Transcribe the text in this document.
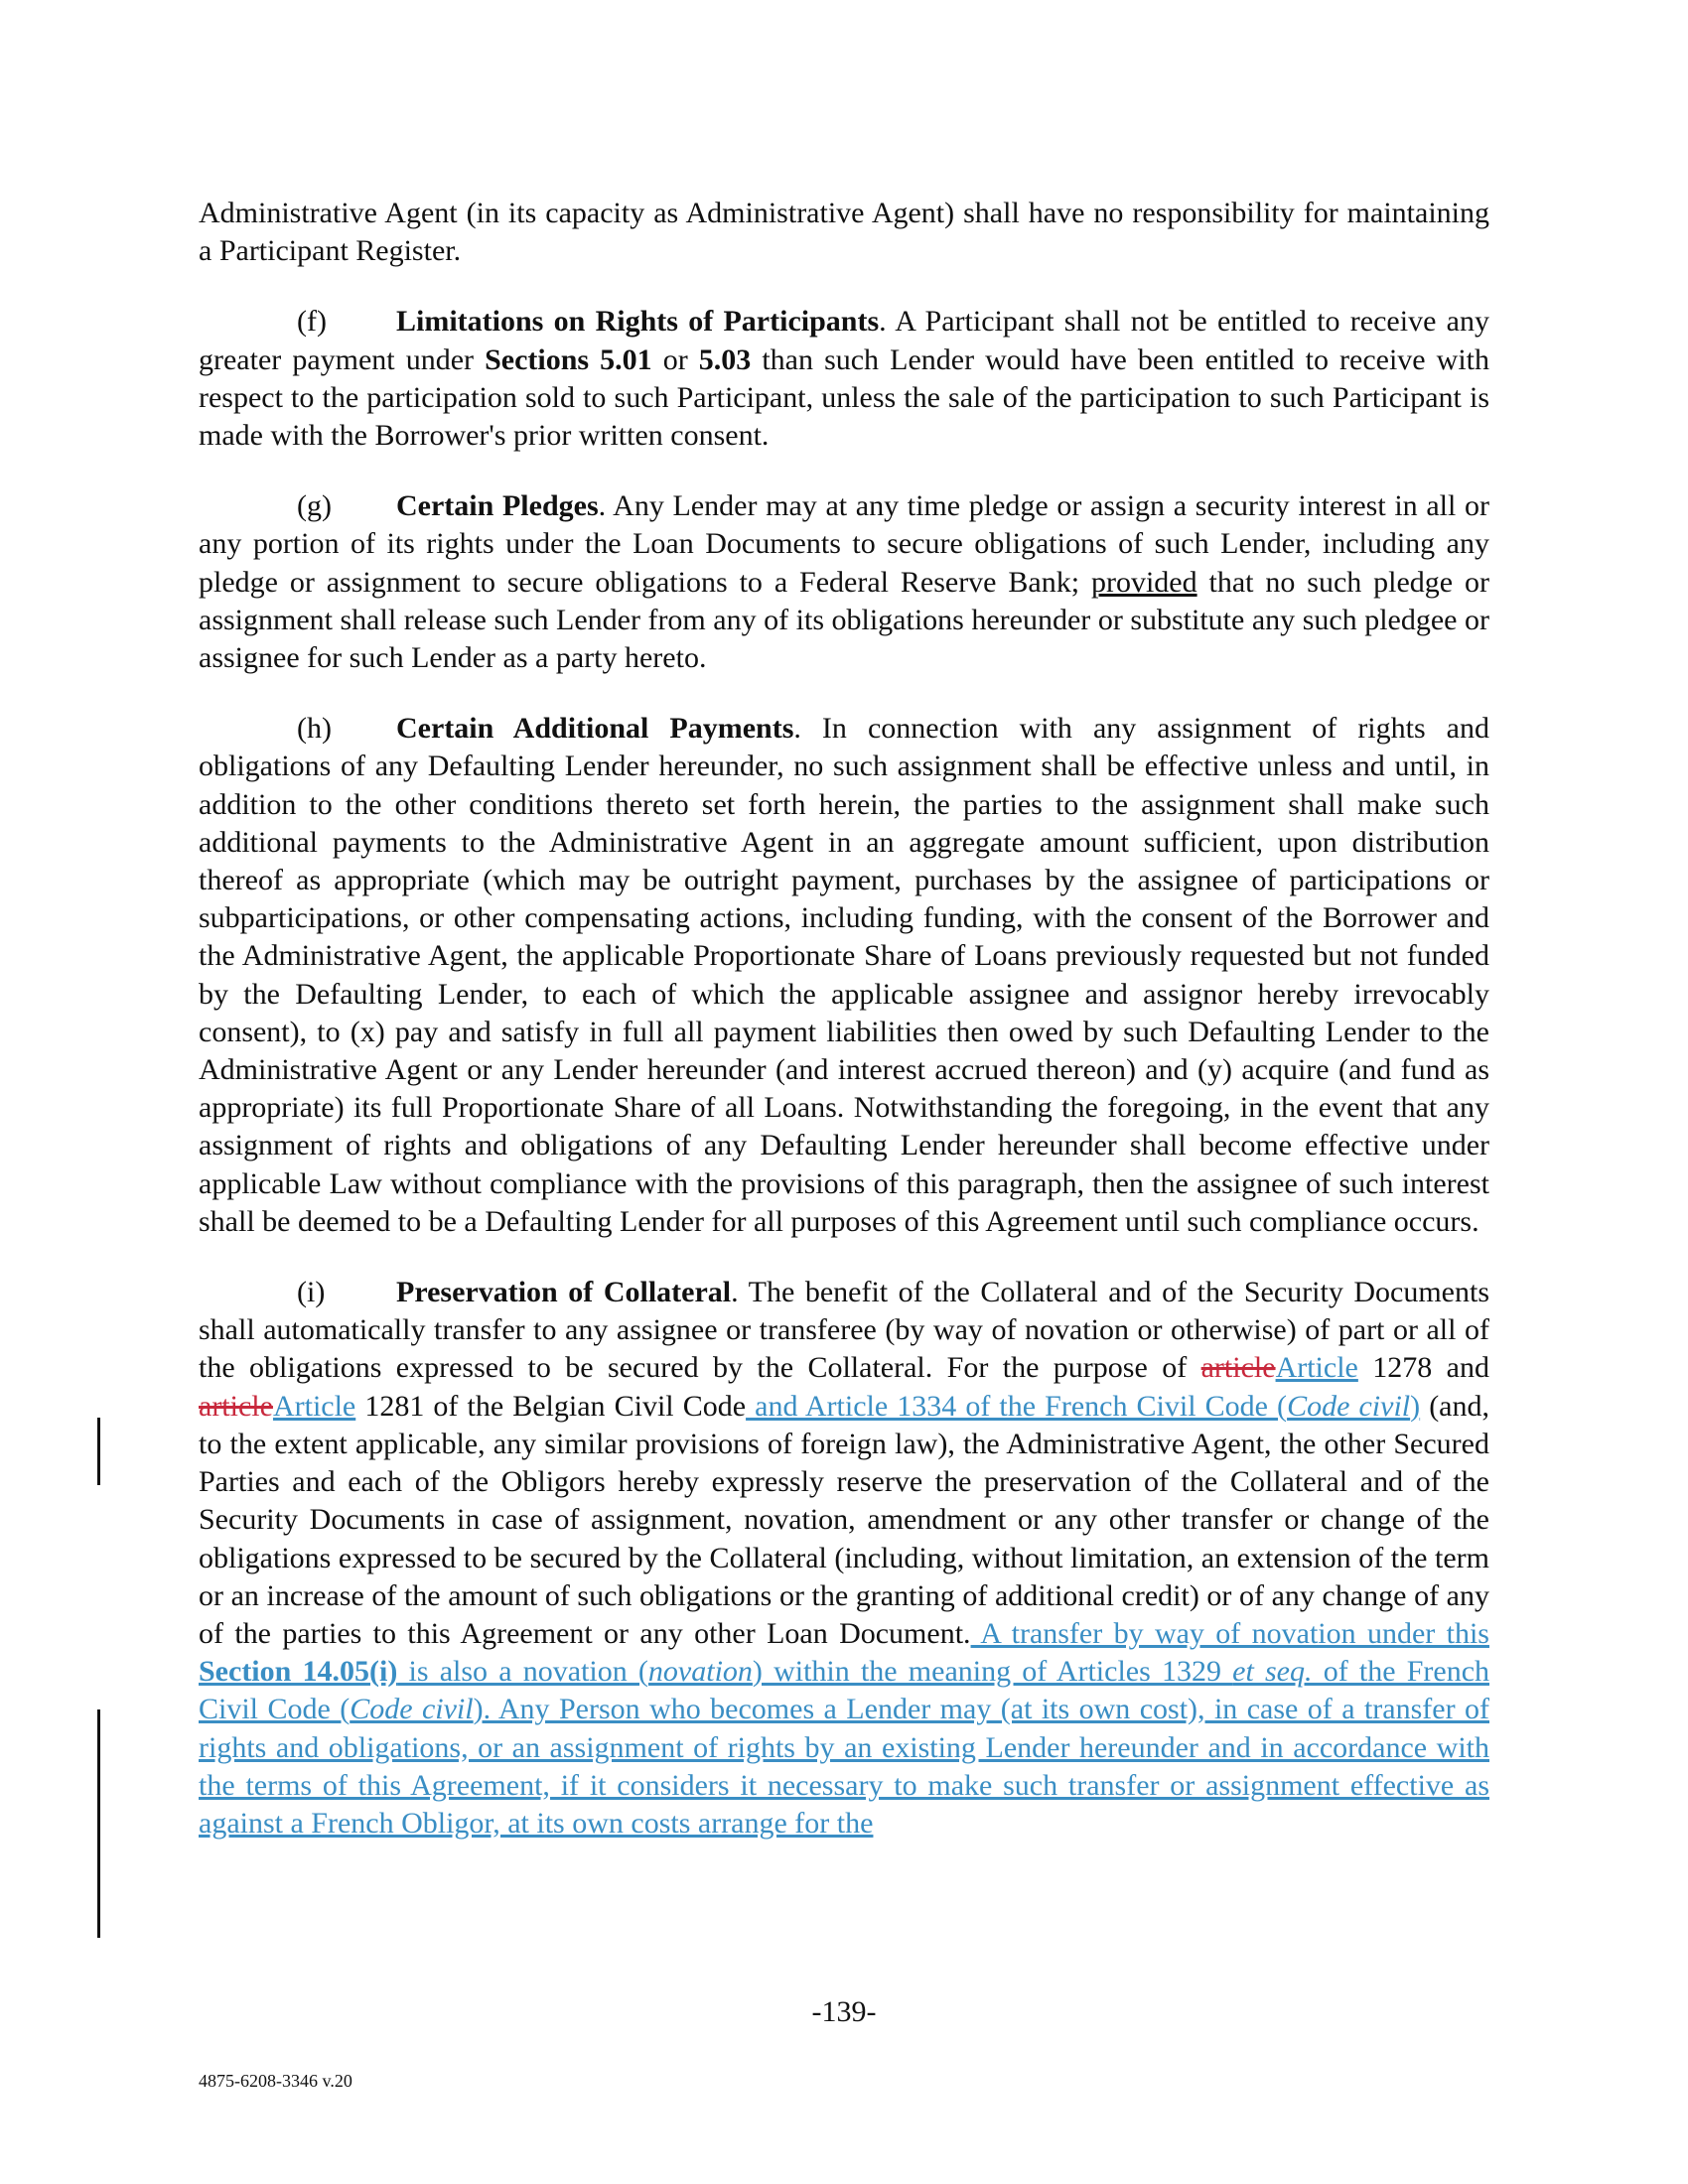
Administrative Agent (in its capacity as Administrative Agent) shall have no responsibility for maintaining a Participant Register.

(f) Limitations on Rights of Participants. A Participant shall not be entitled to receive any greater payment under Sections 5.01 or 5.03 than such Lender would have been entitled to receive with respect to the participation sold to such Participant, unless the sale of the participation to such Participant is made with the Borrower's prior written consent.

(g) Certain Pledges. Any Lender may at any time pledge or assign a security interest in all or any portion of its rights under the Loan Documents to secure obligations of such Lender, including any pledge or assignment to secure obligations to a Federal Reserve Bank; provided that no such pledge or assignment shall release such Lender from any of its obligations hereunder or substitute any such pledgee or assignee for such Lender as a party hereto.

(h) Certain Additional Payments. In connection with any assignment of rights and obligations of any Defaulting Lender hereunder, no such assignment shall be effective unless and until, in addition to the other conditions thereto set forth herein, the parties to the assignment shall make such additional payments to the Administrative Agent in an aggregate amount sufficient, upon distribution thereof as appropriate (which may be outright payment, purchases by the assignee of participations or subparticipations, or other compensating actions, including funding, with the consent of the Borrower and the Administrative Agent, the applicable Proportionate Share of Loans previously requested but not funded by the Defaulting Lender, to each of which the applicable assignee and assignor hereby irrevocably consent), to (x) pay and satisfy in full all payment liabilities then owed by such Defaulting Lender to the Administrative Agent or any Lender hereunder (and interest accrued thereon) and (y) acquire (and fund as appropriate) its full Proportionate Share of all Loans. Notwithstanding the foregoing, in the event that any assignment of rights and obligations of any Defaulting Lender hereunder shall become effective under applicable Law without compliance with the provisions of this paragraph, then the assignee of such interest shall be deemed to be a Defaulting Lender for all purposes of this Agreement until such compliance occurs.

(i) Preservation of Collateral. The benefit of the Collateral and of the Security Documents shall automatically transfer to any assignee or transferee (by way of novation or otherwise) of part or all of the obligations expressed to be secured by the Collateral. For the purpose of articleArticle 1278 and articleArticle 1281 of the Belgian Civil Code and Article 1334 of the French Civil Code (Code civil) (and, to the extent applicable, any similar provisions of foreign law), the Administrative Agent, the other Secured Parties and each of the Obligors hereby expressly reserve the preservation of the Collateral and of the Security Documents in case of assignment, novation, amendment or any other transfer or change of the obligations expressed to be secured by the Collateral (including, without limitation, an extension of the term or an increase of the amount of such obligations or the granting of additional credit) or of any change of any of the parties to this Agreement or any other Loan Document. A transfer by way of novation under this Section 14.05(i) is also a novation (novation) within the meaning of Articles 1329 et seq. of the French Civil Code (Code civil). Any Person who becomes a Lender may (at its own cost), in case of a transfer of rights and obligations, or an assignment of rights by an existing Lender hereunder and in accordance with the terms of this Agreement, if it considers it necessary to make such transfer or assignment effective as against a French Obligor, at its own costs arrange for the

-139-
4875-6208-3346 v.20
